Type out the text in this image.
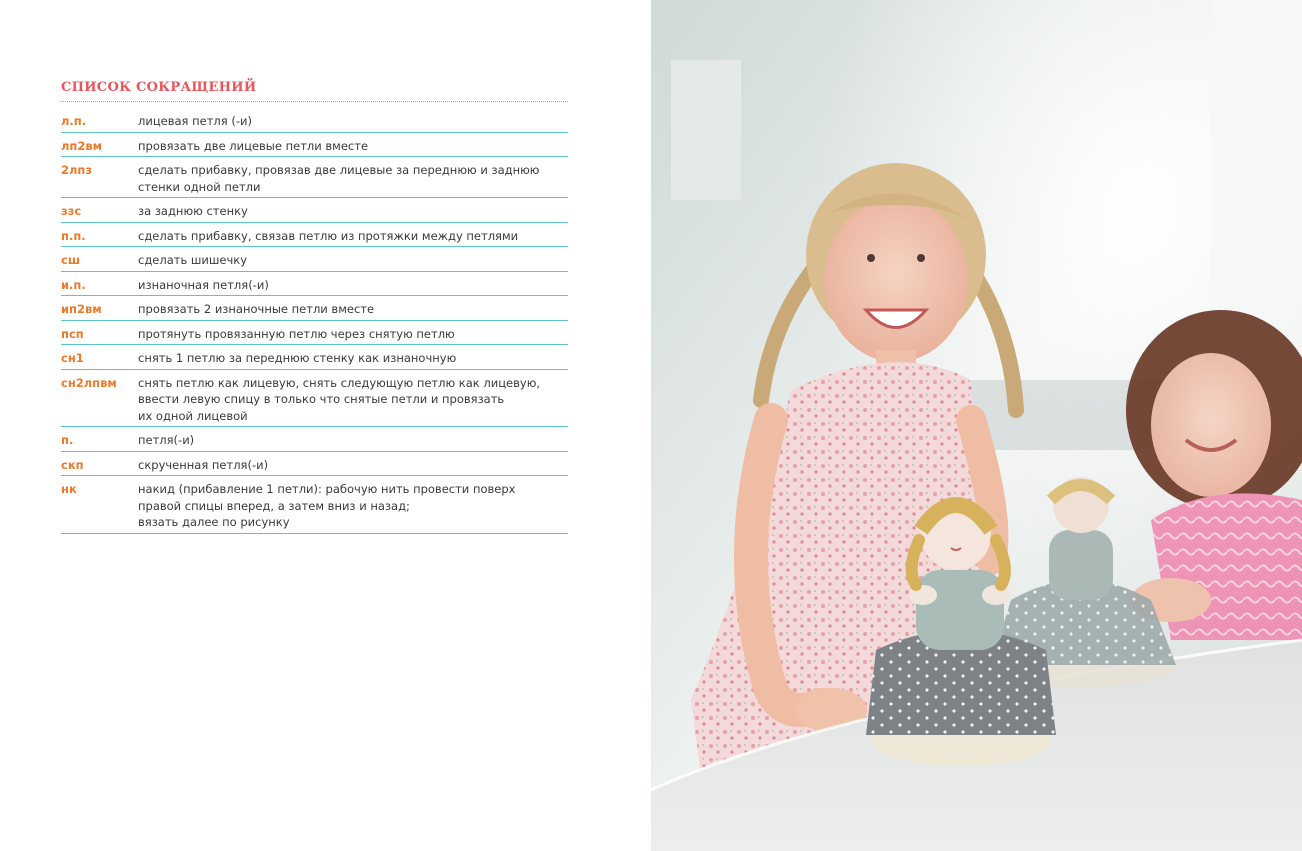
СПИСОК СОКРАЩЕНИЙ
л.п.	лицевая петля (-и)
лп2вм	провязать две лицевые петли вместе
2лпз	сделать прибавку, провязав две лицевые за переднюю и заднюю
стенки одной петли
ззс	за заднюю стенку
п.п.	сделать прибавку, связав петлю из протяжки между петлями
сш	сделать шишечку
и.п.	изнаночная петля(-и)
ип2вм	провязать 2 изнаночные петли вместе
псп	протянуть провязанную петлю через снятую петлю
сн1	снять 1 петлю за переднюю стенку как изнаночную
сн2лпвм	снять петлю как лицевую, снять следующую петлю как лицевую,
ввести левую спицу в только что снятые петли и провязать
их одной лицевой
п.	петля(-и)
скп	скрученная петля(-и)
нк	накид (прибавление 1 петли): рабочую нить провести поверх
правой спицы вперед, а затем вниз и назад;
вязать далее по рисунку
